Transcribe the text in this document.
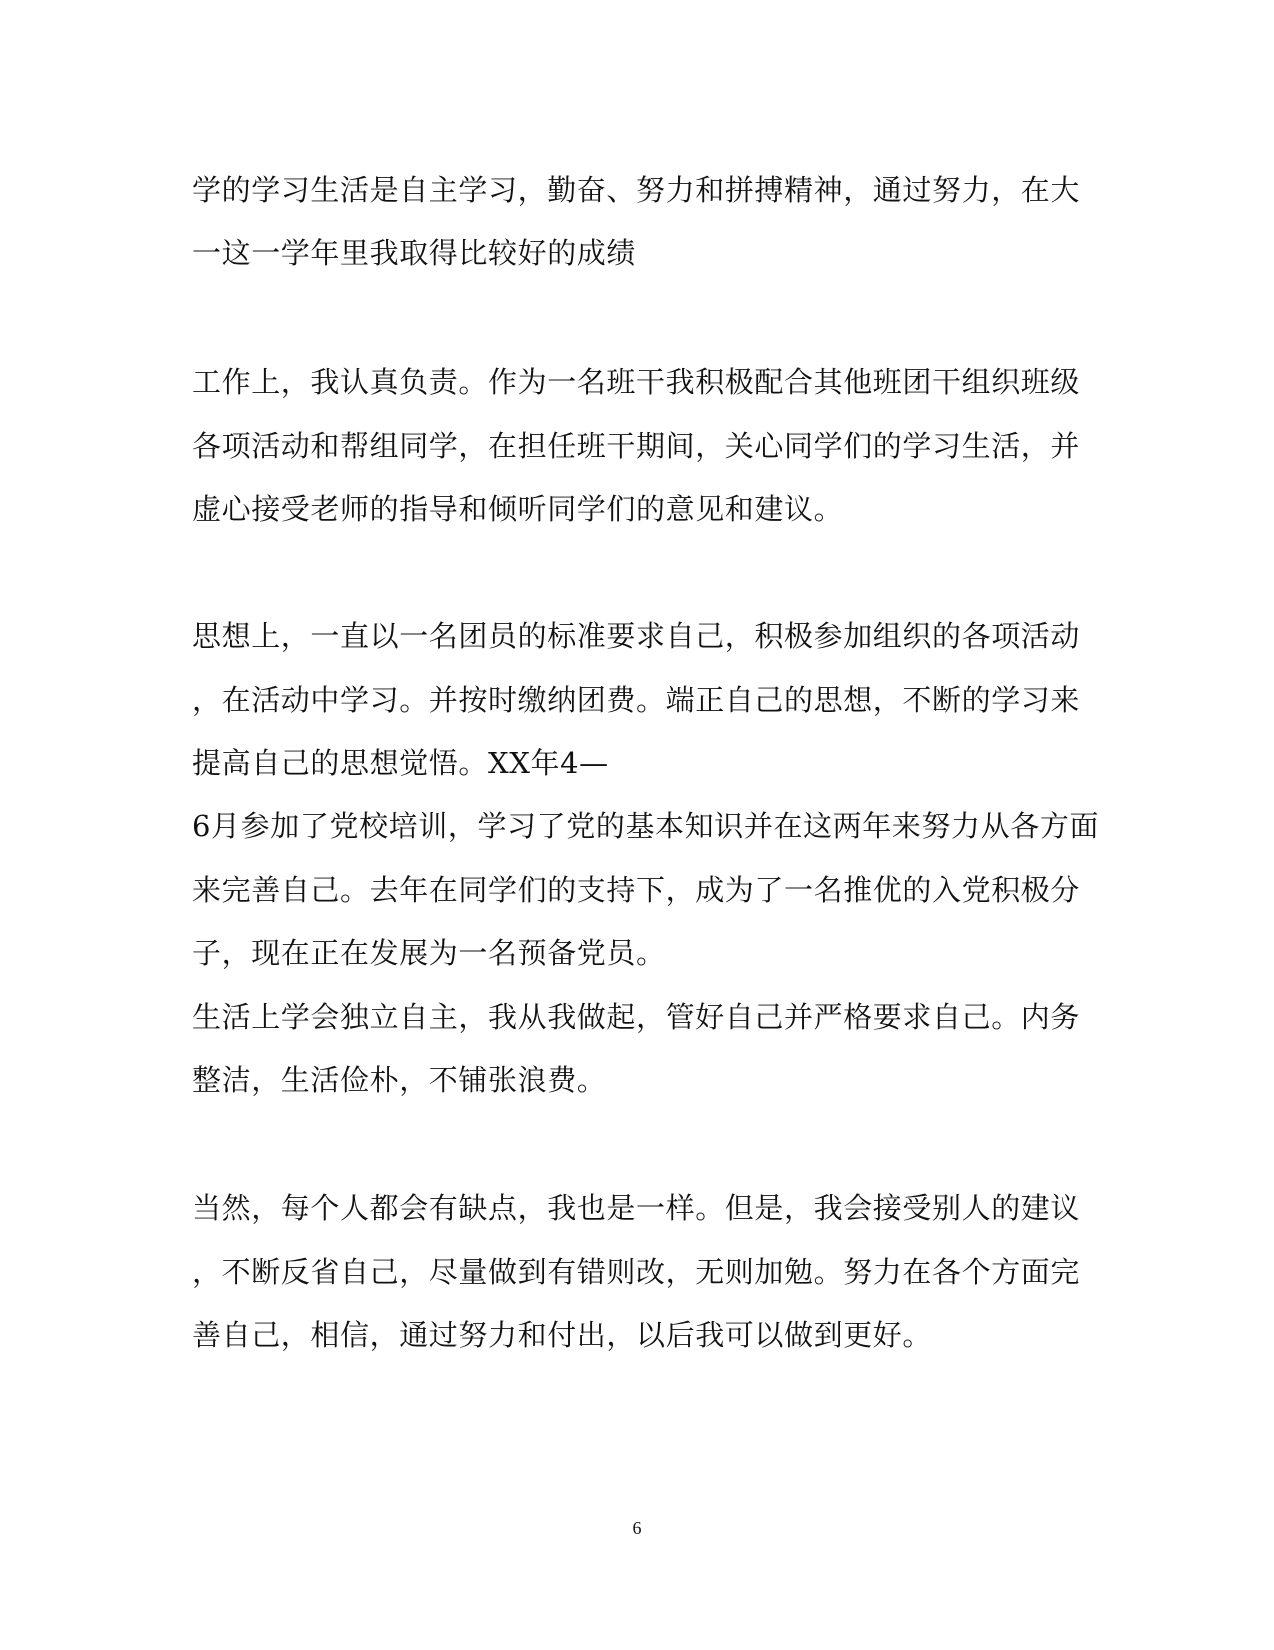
学的学习生活是自主学习，勤奋、努力和拼搏精神，通过努力，在大
一这一学年里我取得比较好的成绩
工作上，我认真负责。作为一名班干我积极配合其他班团干组织班级
各项活动和帮组同学，在担任班干期间，关心同学们的学习生活，并
虚心接受老师的指导和倾听同学们的意见和建议。
思想上，一直以一名团员的标准要求自己，积极参加组织的各项活动
，在活动中学习。并按时缴纳团费。端正自己的思想，不断的学习来
提高自己的思想觉悟。XX年4—
6月参加了党校培训，学习了党的基本知识并在这两年来努力从各方面
来完善自己。去年在同学们的支持下，成为了一名推优的入党积极分
子，现在正在发展为一名预备党员。
生活上学会独立自主，我从我做起，管好自己并严格要求自己。内务
整洁，生活俭朴，不铺张浪费。
当然，每个人都会有缺点，我也是一样。但是，我会接受别人的建议
，不断反省自己，尽量做到有错则改，无则加勉。努力在各个方面完
善自己，相信，通过努力和付出，以后我可以做到更好。
6
